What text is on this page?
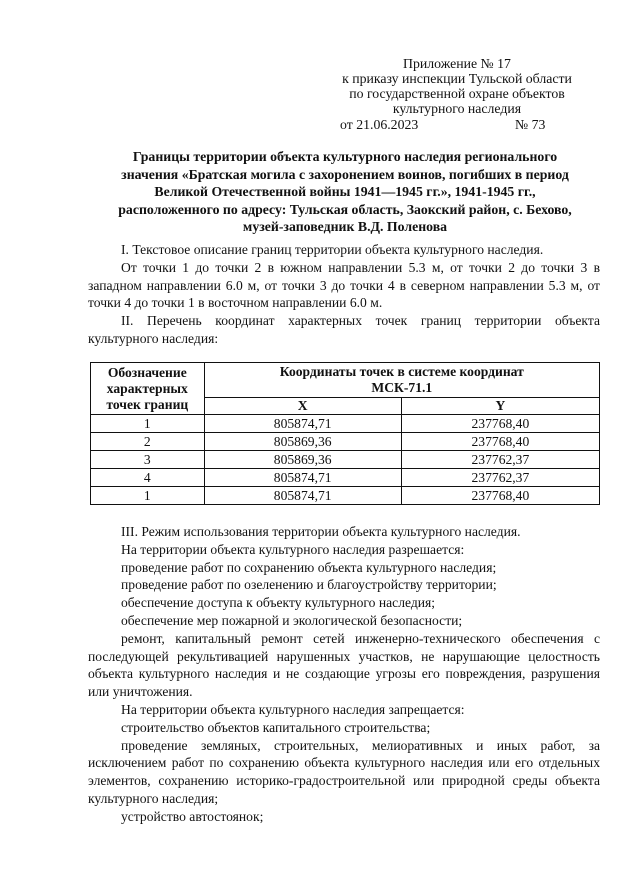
Приложение № 17
к приказу инспекции Тульской области
по государственной охране объектов
культурного наследия
от 21.06.2023	№ 73
Границы территории объекта культурного наследия регионального
значения «Братская могила с захоронением воинов, погибших в период
Великой Отечественной войны 1941—1945 гг.», 1941-1945 гг.,
расположенного по адресу: Тульская область, Заокский район, с. Бехово,
музей-заповедник В.Д. Поленова

I. Текстовое описание границ территории объекта культурного наследия.

От точки 1 до точки 2 в южном направлении 5.3 м, от точки 2 до точки 3 в западном направлении 6.0 м, от точки 3 до точки 4 в северном направлении 5.3 м, от точки 4 до точки 1 в восточном направлении 6.0 м.

II. Перечень координат характерных точек границ территории объекта культурного наследия:

Обозначение
характерных
точек границ	Координаты точек в системе координат
МСК-71.1	

	X	Y
1	805874,71	237768,40
2	805869,36	237768,40
3	805869,36	237762,37
4	805874,71	237762,37
1	805874,71	237768,40

III. Режим использования территории объекта культурного наследия.

На территории объекта культурного наследия разрешается:

проведение работ по сохранению объекта культурного наследия;

проведение работ по озеленению и благоустройству территории;

обеспечение доступа к объекту культурного наследия;

обеспечение мер пожарной и экологической безопасности;

ремонт, капитальный ремонт сетей инженерно-технического обеспечения с последующей рекультивацией нарушенных участков, не нарушающие целостность объекта культурного наследия и не создающие угрозы его повреждения, разрушения или уничтожения.

На территории объекта культурного наследия запрещается:

строительство объектов капитального строительства;

проведение земляных, строительных, мелиоративных и иных работ, за исключением работ по сохранению объекта культурного наследия или его отдельных элементов, сохранению историко-градостроительной или природной среды объекта культурного наследия;

устройство автостоянок;
